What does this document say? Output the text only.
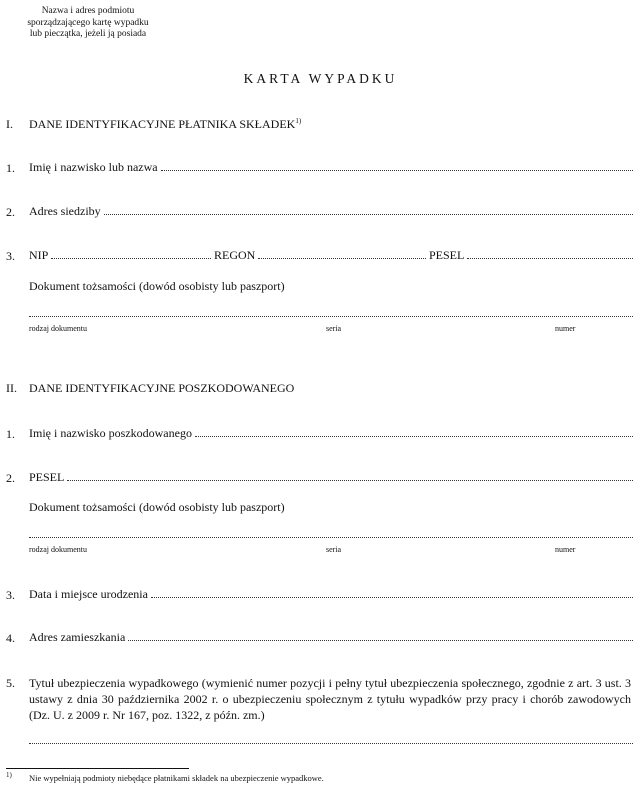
Nazwa i adres podmiotu
sporządzającego kartę wypadku
lub pieczątka, jeżeli ją posiada
KARTA WYPADKU
I. DANE IDENTYFIKACYJNE PŁATNIKA SKŁADEK$^{1)}$
1. Imię i nazwisko lub nazwa
2. Adres siedziby
3. NIP	REGON	PESEL
Dokument tożsamości (dowód osobisty lub paszport)
rodzaj dokumentu	seria	numer
II. DANE IDENTYFIKACYJNE POSZKODOWANEGO
1. Imię i nazwisko poszkodowanego
2. PESEL
Dokument tożsamości (dowód osobisty lub paszport)
rodzaj dokumentu	seria	numer
3. Data i miejsce urodzenia
4. Adres zamieszkania
5. Tytuł ubezpieczenia wypadkowego (wymienić numer pozycji i pełny tytuł ubezpieczenia społecznego, zgodnie z art. 3 ust. 3 ustawy z dnia 30 października 2002 r. o ubezpieczeniu społecznym z tytułu wypadków przy pracy i chorób zawodowych (Dz. U. z 2009 r. Nr 167, poz. 1322, z późn. zm.)
1) Nie wypełniają podmioty niebędące płatnikami składek na ubezpieczenie wypadkowe.
